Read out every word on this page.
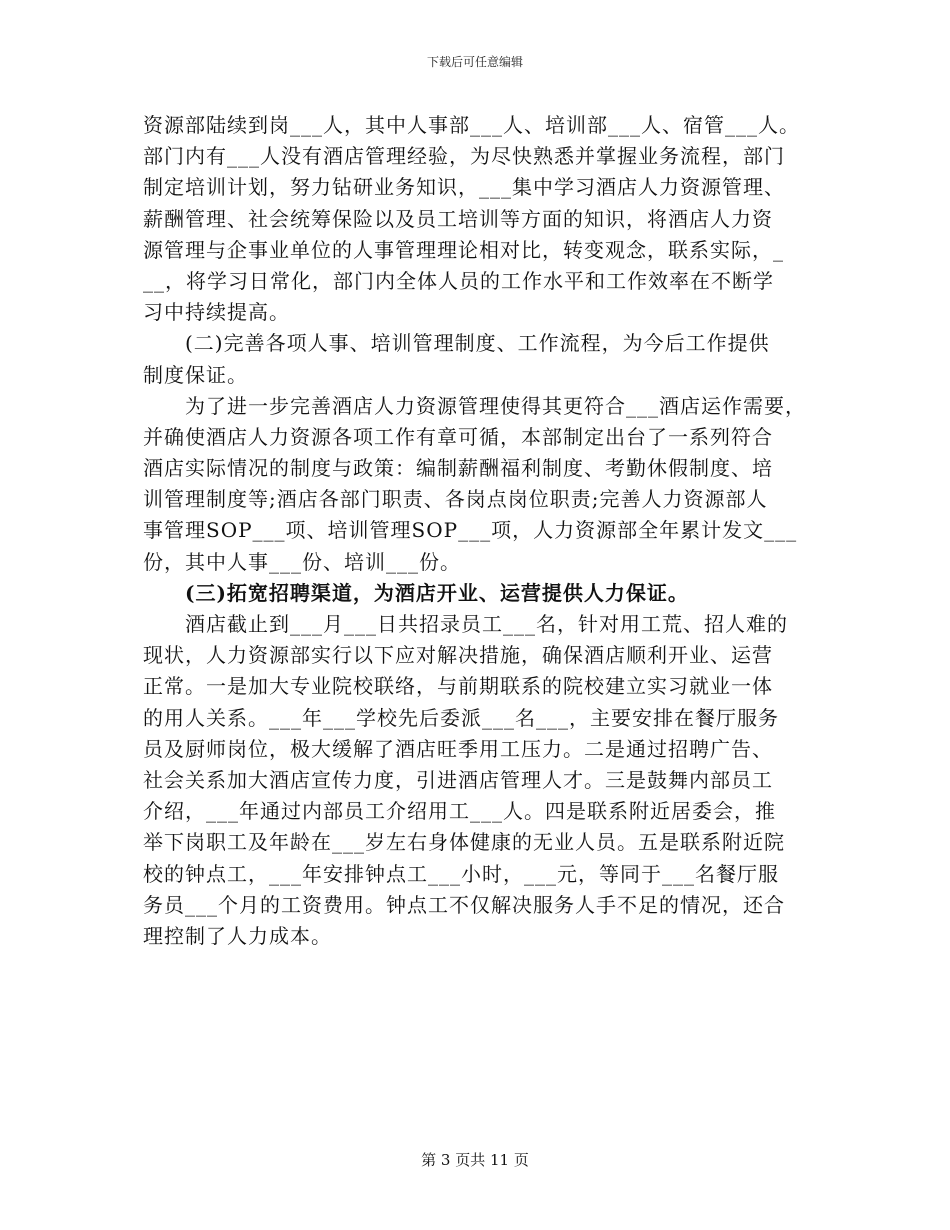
下载后可任意编辑
资源部陆续到岗___人，其中人事部___人、培训部___人、宿管___人。
部门内有___人没有酒店管理经验，为尽快熟悉并掌握业务流程，部门
制定培训计划，努力钻研业务知识，___集中学习酒店人力资源管理、
薪酬管理、社会统筹保险以及员工培训等方面的知识，将酒店人力资
源管理与企事业单位的人事管理理论相对比，转变观念，联系实际，_
__，将学习日常化，部门内全体人员的工作水平和工作效率在不断学
习中持续提高。
　　(二)完善各项人事、培训管理制度、工作流程，为今后工作提供
制度保证。
　　为了进一步完善酒店人力资源管理使得其更符合___酒店运作需要，
并确使酒店人力资源各项工作有章可循，本部制定出台了一系列符合
酒店实际情况的制度与政策：编制薪酬福利制度、考勤休假制度、培
训管理制度等;酒店各部门职责、各岗点岗位职责;完善人力资源部人
事管理SOP___项、培训管理SOP___项，人力资源部全年累计发文___
份，其中人事___份、培训___份。
　　(三)拓宽招聘渠道，为酒店开业、运营提供人力保证。
　　酒店截止到___月___日共招录员工___名，针对用工荒、招人难的
现状，人力资源部实行以下应对解决措施，确保酒店顺利开业、运营
正常。一是加大专业院校联络，与前期联系的院校建立实习就业一体
的用人关系。___年___学校先后委派___名___，主要安排在餐厅服务
员及厨师岗位，极大缓解了酒店旺季用工压力。二是通过招聘广告、
社会关系加大酒店宣传力度，引进酒店管理人才。三是鼓舞内部员工
介绍，___年通过内部员工介绍用工___人。四是联系附近居委会，推
举下岗职工及年龄在___岁左右身体健康的无业人员。五是联系附近院
校的钟点工，___年安排钟点工___小时，___元，等同于___名餐厅服
务员___个月的工资费用。钟点工不仅解决服务人手不足的情况，还合
理控制了人力成本。
第 3 页共 11 页
